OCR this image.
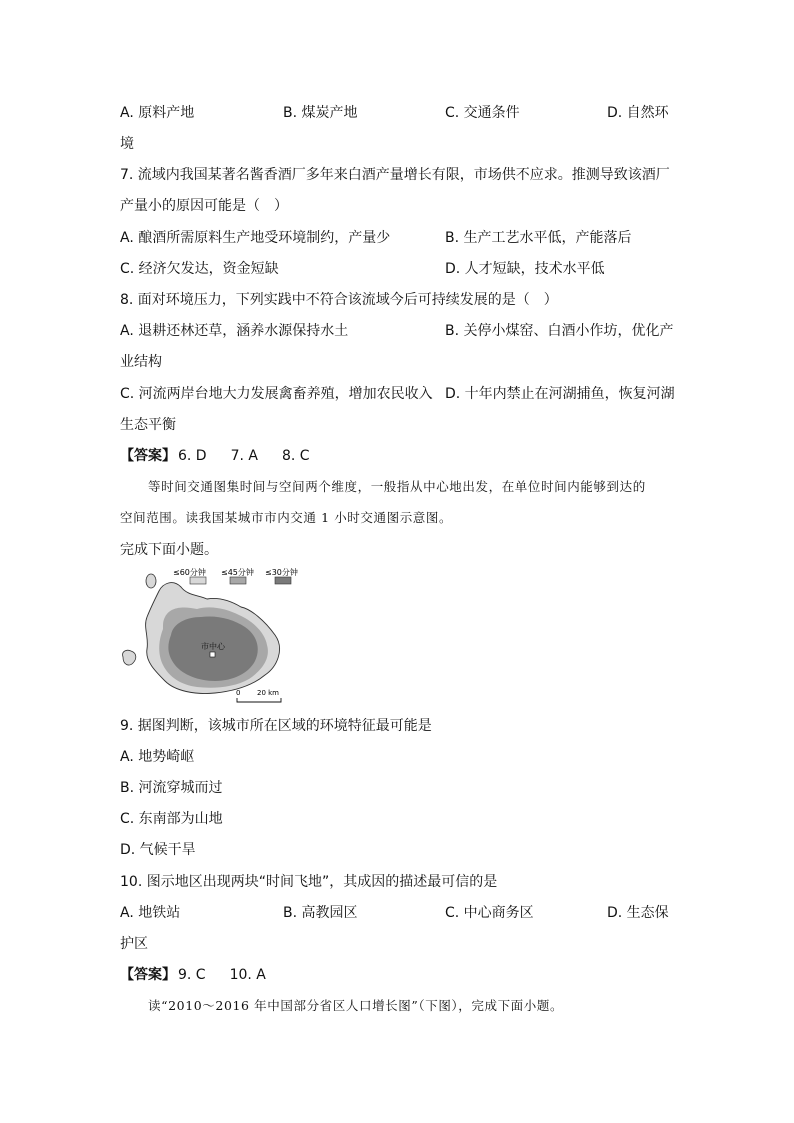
A. 原料产地	B. 煤炭产地	C. 交通条件	D. 自然环
境
7. 流域内我国某著名酱香酒厂多年来白酒产量增长有限，市场供不应求。推测导致该酒厂
产量小的原因可能是（　）
A. 酿酒所需原料生产地受环境制约，产量少	B. 生产工艺水平低，产能落后
C. 经济欠发达，资金短缺	D. 人才短缺，技术水平低
8. 面对环境压力，下列实践中不符合该流域今后可持续发展的是（　）
A. 退耕还林还草，涵养水源保持水土	B. 关停小煤窑、白酒小作坊，优化产
业结构
C. 河流两岸台地大力发展禽畜养殖，增加农民收入 D. 十年内禁止在河湖捕鱼，恢复河湖
生态平衡
【答案】 6. D 7. A 8. C
等时间交通图集时间与空间两个维度，一般指从中心地出发，在单位时间内能够到达的
空间范围。读我国某城市市内交通 1 小时交通图示意图。
完成下面小题。
≤60分钟 ≤45分钟 ≤30分钟
市中心
0 20 km
9. 据图判断，该城市所在区域的环境特征最可能是
A. 地势崎岖
B. 河流穿城而过
C. 东南部为山地
D. 气候干旱
10. 图示地区出现两块“时间飞地”，其成因的描述最可信的是
A. 地铁站	B. 高教园区	C. 中心商务区	D. 生态保
护区
【答案】 9. C 10. A
读“2010～2016 年中国部分省区人口增长图”（下图），完成下面小题。
